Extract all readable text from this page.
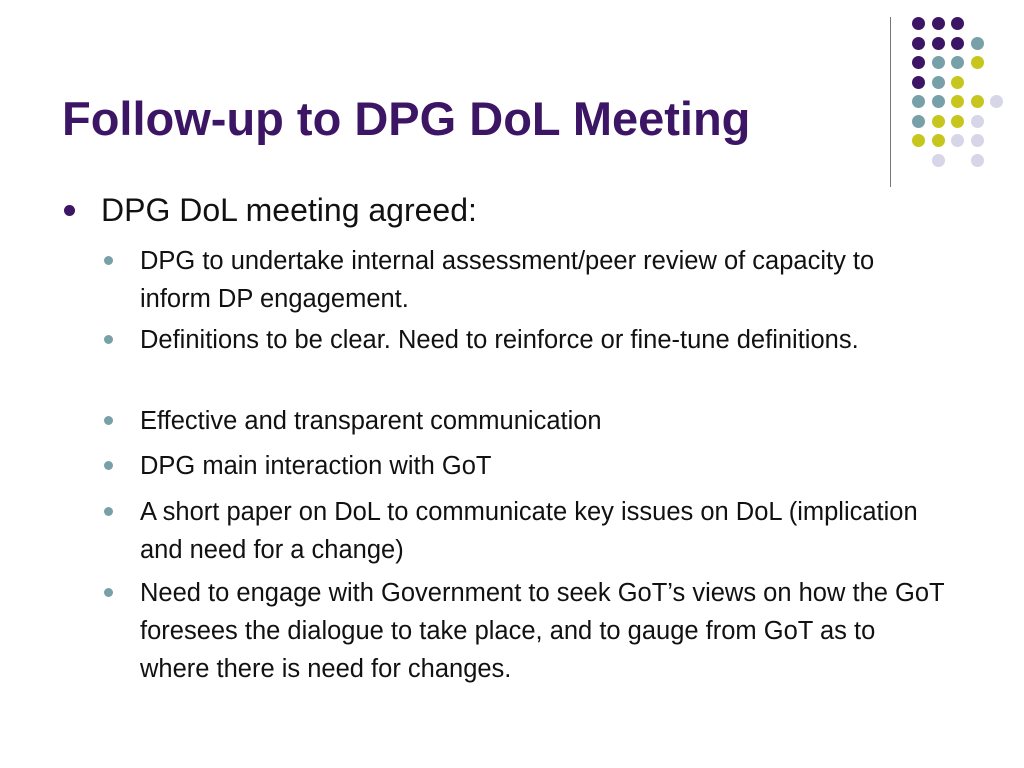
Follow-up to DPG DoL Meeting
DPG DoL meeting agreed:
DPG to undertake internal assessment/peer review of capacity to inform DP engagement.
Definitions to be clear. Need to reinforce or fine-tune definitions.
Effective and transparent communication
DPG main interaction with GoT
A short paper on DoL to communicate key issues on DoL (implication and need for a change)
Need to engage with Government to seek GoT’s views on how the GoT foresees the dialogue to take place, and to gauge from GoT as to where there is need for changes.
